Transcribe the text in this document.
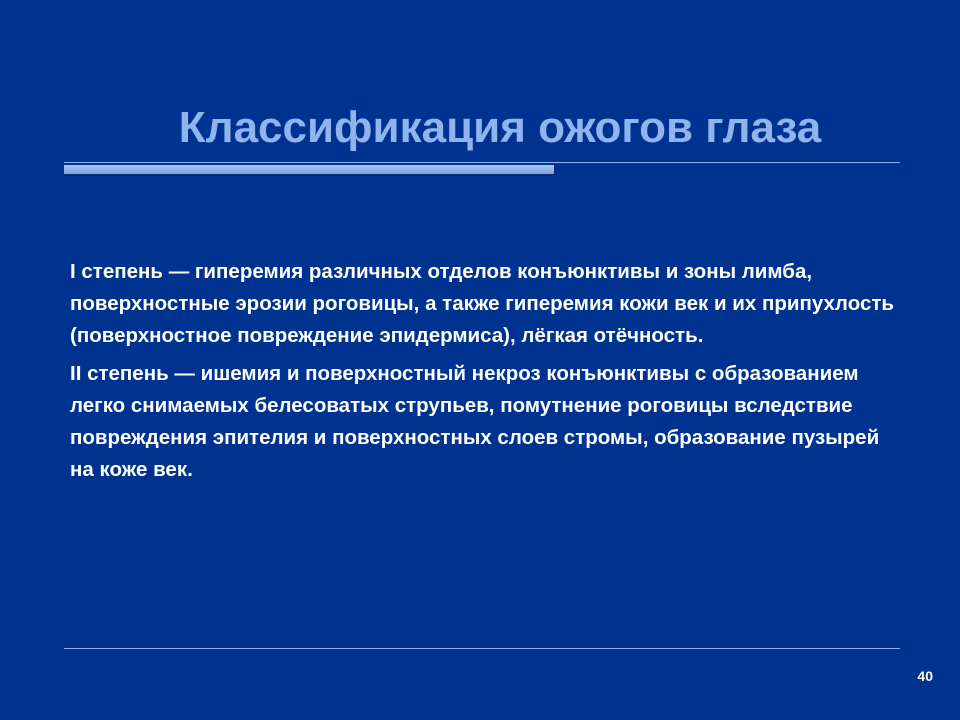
Классификация ожогов глаза

I степень — гиперемия различных отделов конъюнктивы и зоны лимба, поверхностные эрозии роговицы, а также гиперемия кожи век и их припухлость (поверхностное повреждение эпидермиса), лёгкая отёчность.

II степень — ишемия и поверхностный некроз конъюнктивы с образованием легко снимаемых белесоватых струпьев, помутнение роговицы вследствие повреждения эпителия и поверхностных слоев стромы, образование пузырей на коже век.

40
